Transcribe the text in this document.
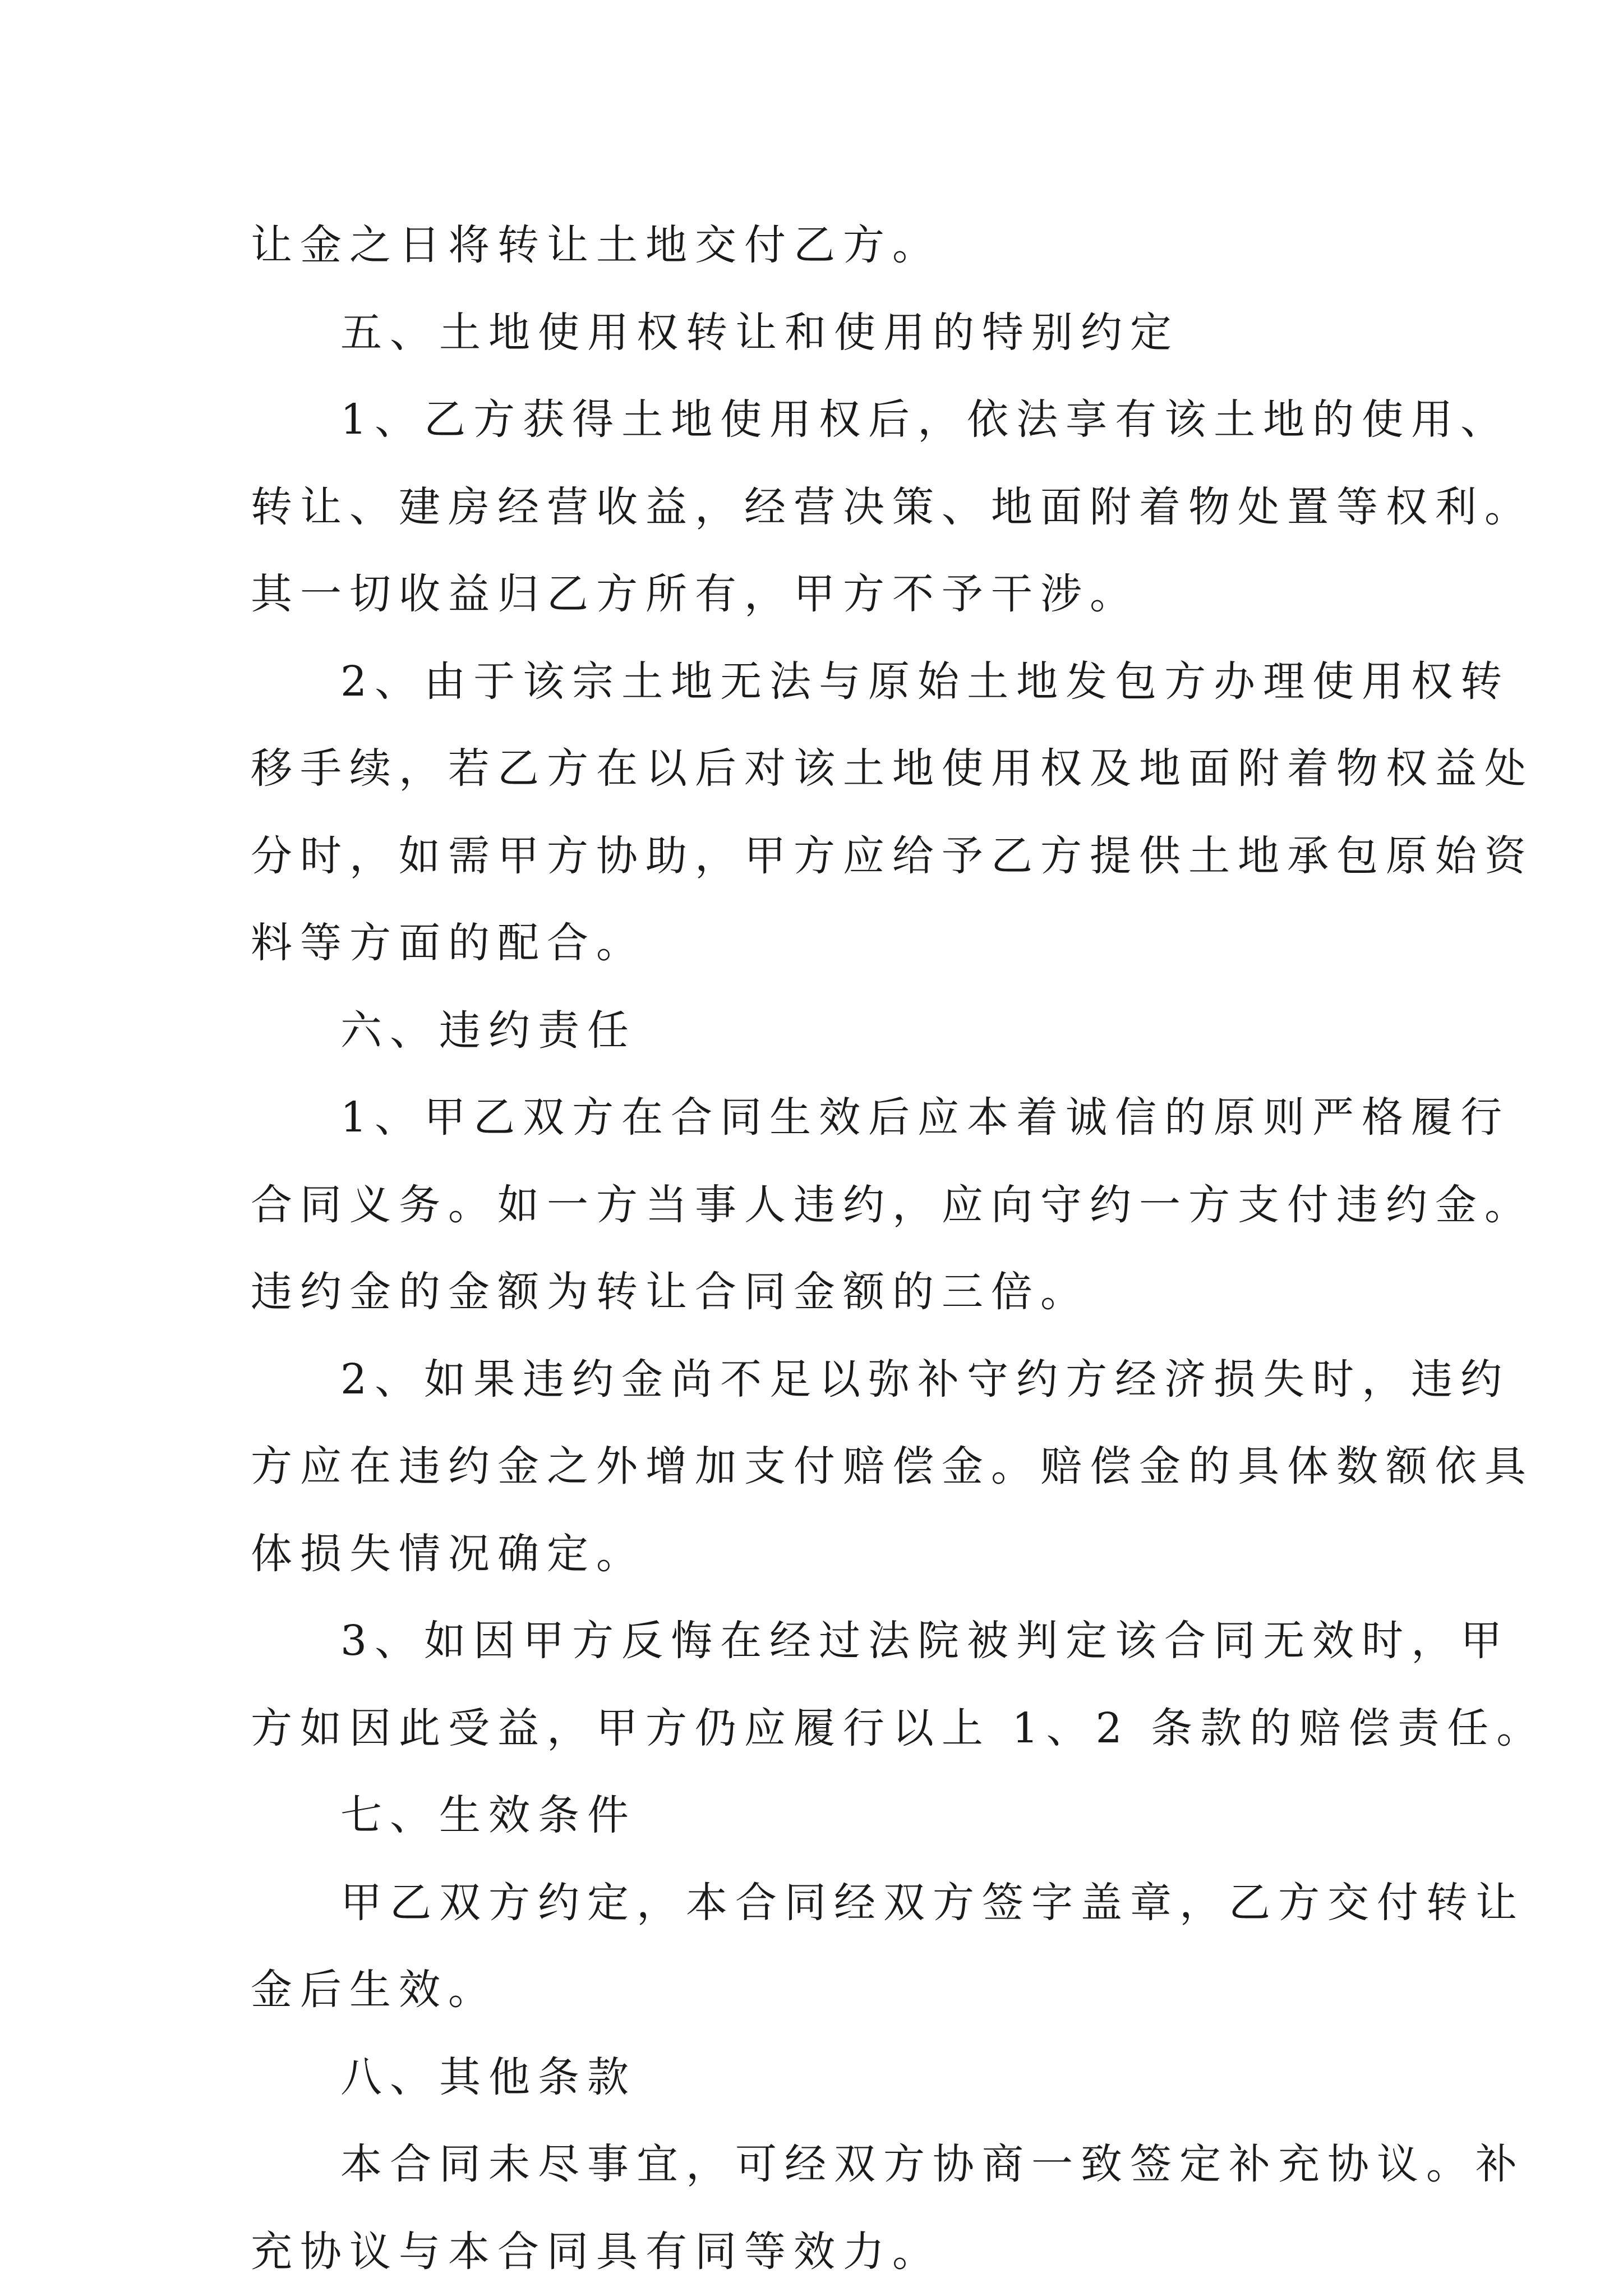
让金之日将转让土地交付乙方。
五、土地使用权转让和使用的特别约定
1、乙方获得土地使用权后，依法享有该土地的使用、
转让、建房经营收益，经营决策、地面附着物处置等权利。
其一切收益归乙方所有，甲方不予干涉。
2、由于该宗土地无法与原始土地发包方办理使用权转
移手续，若乙方在以后对该土地使用权及地面附着物权益处
分时，如需甲方协助，甲方应给予乙方提供土地承包原始资
料等方面的配合。
六、违约责任
1、甲乙双方在合同生效后应本着诚信的原则严格履行
合同义务。如一方当事人违约，应向守约一方支付违约金。
违约金的金额为转让合同金额的三倍。
2、如果违约金尚不足以弥补守约方经济损失时，违约
方应在违约金之外增加支付赔偿金。赔偿金的具体数额依具
体损失情况确定。
3、如因甲方反悔在经过法院被判定该合同无效时，甲
方如因此受益，甲方仍应履行以上 1、2 条款的赔偿责任。
七、生效条件
甲乙双方约定，本合同经双方签字盖章，乙方交付转让
金后生效。
八、其他条款
本合同未尽事宜，可经双方协商一致签定补充协议。补
充协议与本合同具有同等效力。
